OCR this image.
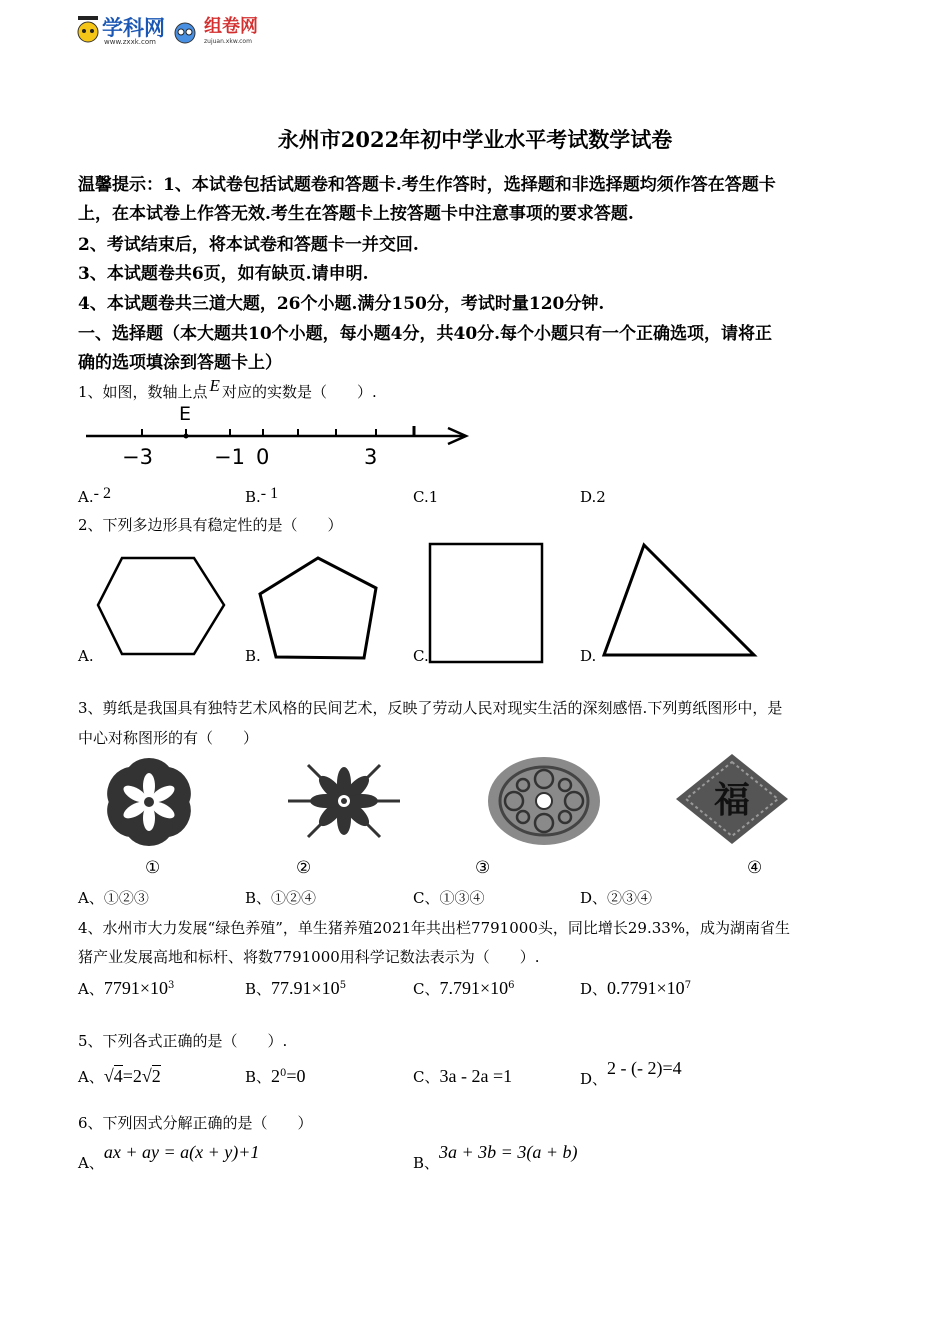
学科网 组卷网
www.zxxk.com	zujuan.xkw.com
永州市2022年初中学业水平考试数学试卷
温馨提示：1、本试卷包括试题卷和答题卡.考生作答时，选择题和非选择题均须作答在答题卡
上，在本试卷上作答无效.考生在答题卡上按答题卡中注意事项的要求答题.
2、考试结束后，将本试卷和答题卡一并交回.
3、本试题卷共6页，如有缺页.请申明.
4、本试题卷共三道大题，26个小题.满分150分，考试时量120分钟.
一、选择题（本大题共10个小题，每小题4分，共40分.每个小题只有一个正确选项，请将正
确的选项填涂到答题卡上）
1、如图，数轴上点 E 对应的实数是（　　）.
E
−3	−1 0	3
A.- 2	B.- 1	C.1	D.2
2、下列多边形具有稳定性的是（　　）
A.	B.	C.	D.
3、剪纸是我国具有独特艺术风格的民间艺术，反映了劳动人民对现实生活的深刻感悟.下列剪纸图形中，是
中心对称图形的有（　　）
福
①	②	③	④
A、①②③	B、①②④	C、①③④	D、②③④
4、水州市大力发展“绿色养殖”，单生猪养殖2021年共出栏7791000头，同比增长29.33%，成为湖南省生
猪产业发展高地和标杆、将数7791000用科学记数法表示为（　　）.
A、$7791\times 10^3$	B、$77.91\times 10^5$	C、$7.791\times 10^6$	D、$0.7791\times 10^7$
5、下列各式正确的是（　　）.
A、√4=2√2	B、$2^0=0$	C、3a - 2a =1	D、2 - (- 2)=4
6、下列因式分解正确的是（　　）
A、ax + ay = a(x + y)+1
B、3a + 3b = 3(a + b)
